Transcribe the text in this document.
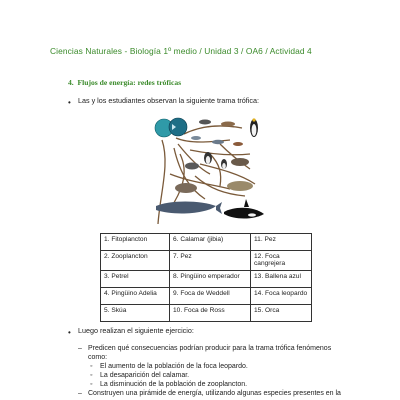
Ciencias Naturales - Biología 1º medio / Unidad 3 / OA6 / Actividad 4
4. Flujos de energía: redes tróficas
• Las y los estudiantes observan la siguiente trama trófica:
1. Fitoplancton	6. Calamar (jibia)	11. Pez
2. Zooplancton	7. Pez	12. Foca cangrejera
3. Petrel	8. Pingüino emperador	13. Ballena azul
4. Pingüino Adelia	9. Foca de Weddell	14. Foca leopardo
5. Skúa	10. Foca de Ross	15. Orca
• Luego realizan el siguiente ejercicio:
– Predicen qué consecuencias podrían producir para la trama trófica fenómenos
como:
◦ El aumento de la población de la foca leopardo.
◦ La desaparición del calamar.
◦ La disminución de la población de zooplancton.
– Construyen una pirámide de energía, utilizando algunas especies presentes en la
